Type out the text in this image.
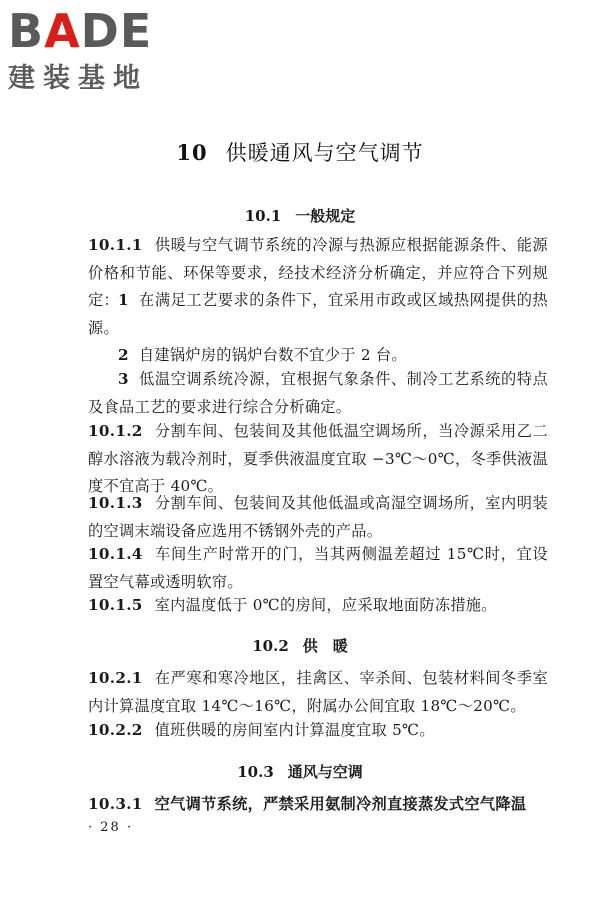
BADE
建装基地
10 供暖通风与空气调节
10.1 一般规定
10.1.1 供暖与空气调节系统的冷源与热源应根据能源条件、能源价格和节能、环保等要求，经技术经济分析确定，并应符合下列规定： 1 在满足工艺要求的条件下，宜采用市政或区域热网提供的热源。
2 自建锅炉房的锅炉台数不宜少于 2 台。
3 低温空调系统冷源，宜根据气象条件、制冷工艺系统的特点及食品工艺的要求进行综合分析确定。
10.1.2 分割车间、包装间及其他低温空调场所，当冷源采用乙二醇水溶液为载冷剂时，夏季供液温度宜取 −3℃～0℃，冬季供液温度不宜高于 40℃。
10.1.3 分割车间、包装间及其他低温或高湿空调场所，室内明装的空调末端设备应选用不锈钢外壳的产品。
10.1.4 车间生产时常开的门，当其两侧温差超过 15℃时，宜设置空气幕或透明软帘。
10.1.5 室内温度低于 0℃的房间，应采取地面防冻措施。
10.2 供　暖
10.2.1 在严寒和寒冷地区，挂禽区、宰杀间、包装材料间冬季室内计算温度宜取 14℃～16℃，附属办公间宜取 18℃～20℃。
10.2.2 值班供暖的房间室内计算温度宜取 5℃。
10.3 通风与空调
10.3.1 空气调节系统，严禁采用氨制冷剂直接蒸发式空气降温
· 28 ·
